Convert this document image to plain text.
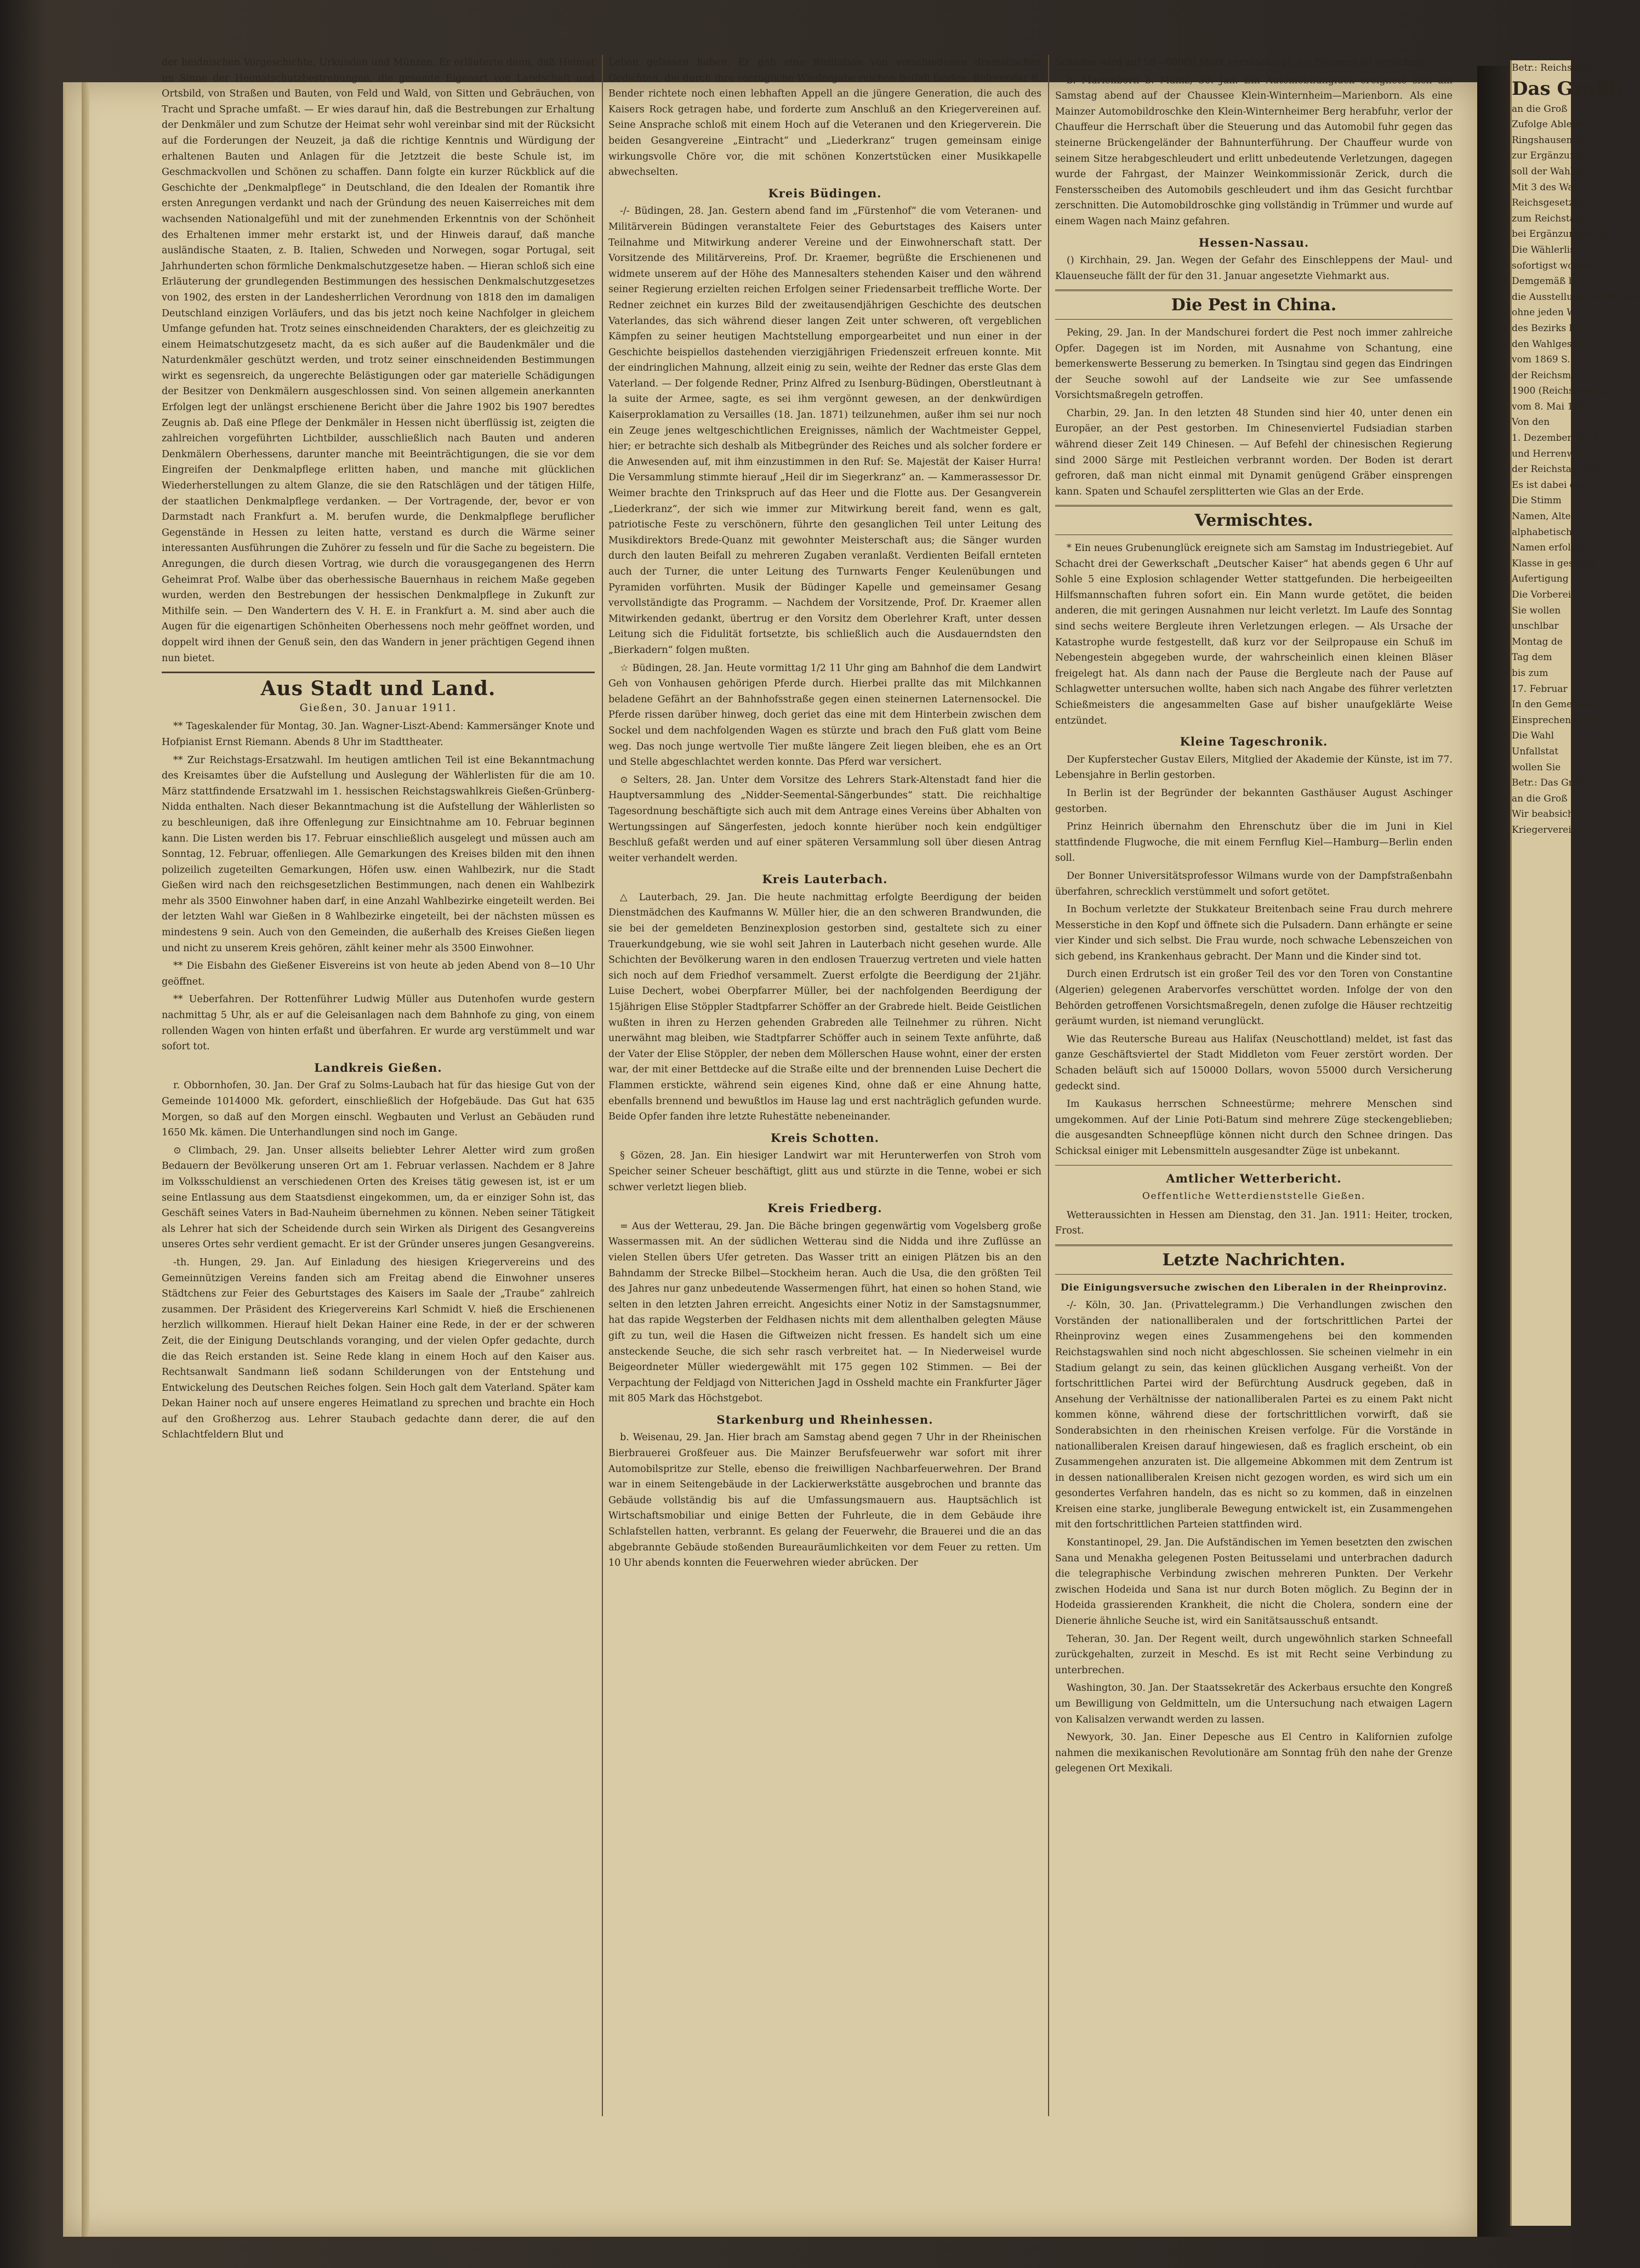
der heidnischen Vorgeschichte, Urkunden und Münzen. Er erläuterte dann, daß Heimat im Sinne der Heimatschutzbestrebungen, die gesamte Eigenart von Landschaft und Ortsbild, von Straßen und Bauten, von Feld und Wald, von Sitten und Gebräuchen, von Tracht und Sprache umfaßt. — Er wies darauf hin, daß die Bestrebungen zur Erhaltung der Denkmäler und zum Schutze der Heimat sehr wohl vereinbar sind mit der Rücksicht auf die Forderungen der Neuzeit, ja daß die richtige Kenntnis und Würdigung der erhaltenen Bauten und Anlagen für die Jetztzeit die beste Schule ist, im Geschmackvollen und Schönen zu schaffen. Dann folgte ein kurzer Rückblick auf die Geschichte der „Denkmalpflege“ in Deutschland, die den Idealen der Romantik ihre ersten Anregungen verdankt und nach der Gründung des neuen Kaiserreiches mit dem wachsenden Nationalgefühl und mit der zunehmenden Erkenntnis von der Schönheit des Erhaltenen immer mehr erstarkt ist, und der Hinweis darauf, daß manche ausländische Staaten, z. B. Italien, Schweden und Norwegen, sogar Portugal, seit Jahrhunderten schon förmliche Denkmalschutzgesetze haben. — Hieran schloß sich eine Erläuterung der grundlegenden Bestimmungen des hessischen Denkmalschutzgesetzes von 1902, des ersten in der Landesherrlichen Verordnung von 1818 den im damaligen Deutschland einzigen Vorläufers, und das bis jetzt noch keine Nachfolger in gleichem Umfange gefunden hat. Trotz seines einschneidenden Charakters, der es gleichzeitig zu einem Heimatschutzgesetz macht, da es sich außer auf die Baudenkmäler und die Naturdenkmäler geschützt werden, und trotz seiner einschneidenden Bestimmungen wirkt es segensreich, da ungerechte Belästigungen oder gar materielle Schädigungen der Besitzer von Denkmälern ausgeschlossen sind. Von seinen allgemein anerkannten Erfolgen legt der unlängst erschienene Bericht über die Jahre 1902 bis 1907 beredtes Zeugnis ab. Daß eine Pflege der Denkmäler in Hessen nicht überflüssig ist, zeigten die zahlreichen vorgeführten Lichtbilder, ausschließlich nach Bauten und anderen Denkmälern Oberhessens, darunter manche mit Beeinträchtigungen, die sie vor dem Eingreifen der Denkmalpflege erlitten haben, und manche mit glücklichen Wiederherstellungen zu altem Glanze, die sie den Ratschlägen und der tätigen Hilfe, der staatlichen Denkmalpflege verdanken. — Der Vortragende, der, bevor er von Darmstadt nach Frankfurt a. M. berufen wurde, die Denkmalpflege beruflicher Gegenstände in Hessen zu leiten hatte, verstand es durch die Wärme seiner interessanten Ausführungen die Zuhörer zu fesseln und für die Sache zu begeistern. Die Anregungen, die durch diesen Vortrag, wie durch die vorausgegangenen des Herrn Geheimrat Prof. Walbe über das oberhessische Bauernhaus in reichem Maße gegeben wurden, werden den Bestrebungen der hessischen Denkmalpflege in Zukunft zur Mithilfe sein. — Den Wandertern des V. H. E. in Frankfurt a. M. sind aber auch die Augen für die eigenartigen Schönheiten Oberhessens noch mehr geöffnet worden, und doppelt wird ihnen der Genuß sein, den das Wandern in jener prächtigen Gegend ihnen nun bietet.

Aus Stadt und Land.
Gießen, 30. Januar 1911.

** Tageskalender für Montag, 30. Jan. Wagner-Liszt-Abend: Kammersänger Knote und Hofpianist Ernst Riemann. Abends 8 Uhr im Stadttheater.

** Zur Reichstags-Ersatzwahl. Im heutigen amtlichen Teil ist eine Bekanntmachung des Kreisamtes über die Aufstellung und Auslegung der Wählerlisten für die am 10. März stattfindende Ersatzwahl im 1. hessischen Reichstagswahlkreis Gießen-Grünberg-Nidda enthalten. Nach dieser Bekanntmachung ist die Aufstellung der Wählerlisten so zu beschleunigen, daß ihre Offenlegung zur Einsichtnahme am 10. Februar beginnen kann. Die Listen werden bis 17. Februar einschließlich ausgelegt und müssen auch am Sonntag, 12. Februar, offenliegen. Alle Gemarkungen des Kreises bilden mit den ihnen polizeilich zugeteilten Gemarkungen, Höfen usw. einen Wahlbezirk, nur die Stadt Gießen wird nach den reichsgesetzlichen Bestimmungen, nach denen ein Wahlbezirk mehr als 3500 Einwohner haben darf, in eine Anzahl Wahlbezirke eingeteilt werden. Bei der letzten Wahl war Gießen in 8 Wahlbezirke eingeteilt, bei der nächsten müssen es mindestens 9 sein. Auch von den Gemeinden, die außerhalb des Kreises Gießen liegen und nicht zu unserem Kreis gehören, zählt keiner mehr als 3500 Einwohner.

** Die Eisbahn des Gießener Eisvereins ist von heute ab jeden Abend von 8—10 Uhr geöffnet.

** Ueberfahren. Der Rottenführer Ludwig Müller aus Dutenhofen wurde gestern nachmittag 5 Uhr, als er auf die Geleisanlagen nach dem Bahnhofe zu ging, von einem rollenden Wagen von hinten erfaßt und überfahren. Er wurde arg verstümmelt und war sofort tot.

Landkreis Gießen.

r. Obbornhofen, 30. Jan. Der Graf zu Solms-Laubach hat für das hiesige Gut von der Gemeinde 1014000 Mk. gefordert, einschließlich der Hofgebäude. Das Gut hat 635 Morgen, so daß auf den Morgen einschl. Wegbauten und Verlust an Gebäuden rund 1650 Mk. kämen. Die Unterhandlungen sind noch im Gange.

⊙ Climbach, 29. Jan. Unser allseits beliebter Lehrer Aletter wird zum großen Bedauern der Bevölkerung unseren Ort am 1. Februar verlassen. Nachdem er 8 Jahre im Volksschuldienst an verschiedenen Orten des Kreises tätig gewesen ist, ist er um seine Entlassung aus dem Staatsdienst eingekommen, um, da er einziger Sohn ist, das Geschäft seines Vaters in Bad-Nauheim übernehmen zu können. Neben seiner Tätigkeit als Lehrer hat sich der Scheidende durch sein Wirken als Dirigent des Gesangvereins unseres Ortes sehr verdient gemacht. Er ist der Gründer unseres jungen Gesangvereins.

-th. Hungen, 29. Jan. Auf Einladung des hiesigen Kriegervereins und des Gemeinnützigen Vereins fanden sich am Freitag abend die Einwohner unseres Städtchens zur Feier des Geburtstages des Kaisers im Saale der „Traube“ zahlreich zusammen. Der Präsident des Kriegervereins Karl Schmidt V. hieß die Erschienenen herzlich willkommen. Hierauf hielt Dekan Hainer eine Rede, in der er der schweren Zeit, die der Einigung Deutschlands voranging, und der vielen Opfer gedachte, durch die das Reich erstanden ist. Seine Rede klang in einem Hoch auf den Kaiser aus. Rechtsanwalt Sandmann ließ sodann Schilderungen von der Entstehung und Entwickelung des Deutschen Reiches folgen. Sein Hoch galt dem Vaterland. Später kam Dekan Hainer noch auf unsere engeres Heimatland zu sprechen und brachte ein Hoch auf den Großherzog aus. Lehrer Staubach gedachte dann derer, die auf den Schlachtfeldern Blut und

Leben gelassen haben. Er gab eine Rezitation von verschiedenen dramatischen Gedichten, die durch ihre vorzügliche Wiedergabe reichen Beifall fanden. Referendar R. Bender richtete noch einen lebhaften Appell an die jüngere Generation, die auch des Kaisers Rock getragen habe, und forderte zum Anschluß an den Kriegervereinen auf. Seine Ansprache schloß mit einem Hoch auf die Veteranen und den Kriegerverein. Die beiden Gesangvereine „Eintracht“ und „Liederkranz“ trugen gemeinsam einige wirkungsvolle Chöre vor, die mit schönen Konzertstücken einer Musikkapelle abwechselten.

Kreis Büdingen.

-/- Büdingen, 28. Jan. Gestern abend fand im „Fürstenhof“ die vom Veteranen- und Militärverein Büdingen veranstaltete Feier des Geburtstages des Kaisers unter Teilnahme und Mitwirkung anderer Vereine und der Einwohnerschaft statt. Der Vorsitzende des Militärvereins, Prof. Dr. Kraemer, begrüßte die Erschienenen und widmete unserem auf der Höhe des Mannesalters stehenden Kaiser und den während seiner Regierung erzielten reichen Erfolgen seiner Friedensarbeit treffliche Worte. Der Redner zeichnet ein kurzes Bild der zweitausendjährigen Geschichte des deutschen Vaterlandes, das sich während dieser langen Zeit unter schweren, oft vergeblichen Kämpfen zu seiner heutigen Machtstellung emporgearbeitet und nun einer in der Geschichte beispiellos dastehenden vierzigjährigen Friedenszeit erfreuen konnte. Mit der eindringlichen Mahnung, allzeit einig zu sein, weihte der Redner das erste Glas dem Vaterland. — Der folgende Redner, Prinz Alfred zu Isenburg-Büdingen, Oberstleutnant à la suite der Armee, sagte, es sei ihm vergönnt gewesen, an der denkwürdigen Kaiserproklamation zu Versailles (18. Jan. 1871) teilzunehmen, außer ihm sei nur noch ein Zeuge jenes weltgeschichtlichen Ereignisses, nämlich der Wachtmeister Geppel, hier; er betrachte sich deshalb als Mitbegründer des Reiches und als solcher fordere er die Anwesenden auf, mit ihm einzustimmen in den Ruf: Se. Majestät der Kaiser Hurra! Die Versammlung stimmte hierauf „Heil dir im Siegerkranz“ an. — Kammerassessor Dr. Weimer brachte den Trinkspruch auf das Heer und die Flotte aus. Der Gesangverein „Liederkranz“, der sich wie immer zur Mitwirkung bereit fand, wenn es galt, patriotische Feste zu verschönern, führte den gesanglichen Teil unter Leitung des Musikdirektors Brede-Quanz mit gewohnter Meisterschaft aus; die Sänger wurden durch den lauten Beifall zu mehreren Zugaben veranlaßt. Verdienten Beifall ernteten auch der Turner, die unter Leitung des Turnwarts Fenger Keulenübungen und Pyramiden vorführten. Musik der Büdinger Kapelle und gemeinsamer Gesang vervollständigte das Programm. — Nachdem der Vorsitzende, Prof. Dr. Kraemer allen Mitwirkenden gedankt, übertrug er den Vorsitz dem Oberlehrer Kraft, unter dessen Leitung sich die Fidulität fortsetzte, bis schließlich auch die Ausdauerndsten den „Bierkadern“ folgen mußten.

☆ Büdingen, 28. Jan. Heute vormittag 1/2 11 Uhr ging am Bahnhof die dem Landwirt Geh von Vonhausen gehörigen Pferde durch. Hierbei prallte das mit Milchkannen beladene Gefährt an der Bahnhofsstraße gegen einen steinernen Laternensockel. Die Pferde rissen darüber hinweg, doch geriet das eine mit dem Hinterbein zwischen dem Sockel und dem nachfolgenden Wagen es stürzte und brach den Fuß glatt vom Beine weg. Das noch junge wertvolle Tier mußte längere Zeit liegen bleiben, ehe es an Ort und Stelle abgeschlachtet werden konnte. Das Pferd war versichert.

⊙ Selters, 28. Jan. Unter dem Vorsitze des Lehrers Stark-Altenstadt fand hier die Hauptversammlung des „Nidder-Seemental-Sängerbundes“ statt. Die reichhaltige Tagesordnung beschäftigte sich auch mit dem Antrage eines Vereins über Abhalten von Wertungssingen auf Sängerfesten, jedoch konnte hierüber noch kein endgültiger Beschluß gefaßt werden und auf einer späteren Versammlung soll über diesen Antrag weiter verhandelt werden.

Kreis Lauterbach.

△ Lauterbach, 29. Jan. Die heute nachmittag erfolgte Beerdigung der beiden Dienstmädchen des Kaufmanns W. Müller hier, die an den schweren Brandwunden, die sie bei der gemeldeten Benzinexplosion gestorben sind, gestaltete sich zu einer Trauerkundgebung, wie sie wohl seit Jahren in Lauterbach nicht gesehen wurde. Alle Schichten der Bevölkerung waren in den endlosen Trauerzug vertreten und viele hatten sich noch auf dem Friedhof versammelt. Zuerst erfolgte die Beerdigung der 21jähr. Luise Dechert, wobei Oberpfarrer Müller, bei der nachfolgenden Beerdigung der 15jährigen Elise Stöppler Stadtpfarrer Schöffer an der Grabrede hielt. Beide Geistlichen wußten in ihren zu Herzen gehenden Grabreden alle Teilnehmer zu rühren. Nicht unerwähnt mag bleiben, wie Stadtpfarrer Schöffer auch in seinem Texte anführte, daß der Vater der Elise Stöppler, der neben dem Möllerschen Hause wohnt, einer der ersten war, der mit einer Bettdecke auf die Straße eilte und der brennenden Luise Dechert die Flammen erstickte, während sein eigenes Kind, ohne daß er eine Ahnung hatte, ebenfalls brennend und bewußtlos im Hause lag und erst nachträglich gefunden wurde. Beide Opfer fanden ihre letzte Ruhestätte nebeneinander.

Kreis Schotten.

§ Gözen, 28. Jan. Ein hiesiger Landwirt war mit Herunterwerfen von Stroh vom Speicher seiner Scheuer beschäftigt, glitt aus und stürzte in die Tenne, wobei er sich schwer verletzt liegen blieb.

Kreis Friedberg.

= Aus der Wetterau, 29. Jan. Die Bäche bringen gegenwärtig vom Vogelsberg große Wassermassen mit. An der südlichen Wetterau sind die Nidda und ihre Zuflüsse an vielen Stellen übers Ufer getreten. Das Wasser tritt an einigen Plätzen bis an den Bahndamm der Strecke Bilbel—Stockheim heran. Auch die Usa, die den größten Teil des Jahres nur ganz unbedeutende Wassermengen führt, hat einen so hohen Stand, wie selten in den letzten Jahren erreicht. Angesichts einer Notiz in der Samstagsnummer, hat das rapide Wegsterben der Feldhasen nichts mit dem allenthalben gelegten Mäuse gift zu tun, weil die Hasen die Giftweizen nicht fressen. Es handelt sich um eine ansteckende Seuche, die sich sehr rasch verbreitet hat. — In Niederweisel wurde Beigeordneter Müller wiedergewählt mit 175 gegen 102 Stimmen. — Bei der Verpachtung der Feldjagd von Nitterichen Jagd in Ossheld machte ein Frankfurter Jäger mit 805 Mark das Höchstgebot.

Starkenburg und Rheinhessen.

b. Weisenau, 29. Jan. Hier brach am Samstag abend gegen 7 Uhr in der Rheinischen Bierbrauerei Großfeuer aus. Die Mainzer Berufsfeuerwehr war sofort mit ihrer Automobilspritze zur Stelle, ebenso die freiwilligen Nachbarfeuerwehren. Der Brand war in einem Seitengebäude in der Lackierwerkstätte ausgebrochen und brannte das Gebäude vollständig bis auf die Umfassungsmauern aus. Hauptsächlich ist Wirtschaftsmobiliar und einige Betten der Fuhrleute, die in dem Gebäude ihre Schlafstellen hatten, verbrannt. Es gelang der Feuerwehr, die Brauerei und die an das abgebrannte Gebäude stoßenden Bureauräumlichkeiten vor dem Feuer zu retten. Um 10 Uhr abends konnten die Feuerwehren wieder abrücken. Der

Schaden wird auf 50—60000 Mark veranschlagt, die Brauerei ist versichert.

b. Marienborn b. Mainz, 30. Jan. Ein Automobilunglück ereignete sich am Samstag abend auf der Chaussee Klein-Winternheim—Marienborn. Als eine Mainzer Automobildroschke den Klein-Winternheimer Berg herabfuhr, verlor der Chauffeur die Herrschaft über die Steuerung und das Automobil fuhr gegen das steinerne Brückengeländer der Bahnunterführung. Der Chauffeur wurde von seinem Sitze herabgeschleudert und erlitt unbedeutende Verletzungen, dagegen wurde der Fahrgast, der Mainzer Weinkommissionär Zerick, durch die Fenstersscheiben des Automobils geschleudert und ihm das Gesicht furchtbar zerschnitten. Die Automobildroschke ging vollständig in Trümmer und wurde auf einem Wagen nach Mainz gefahren.

Hessen-Nassau.

() Kirchhain, 29. Jan. Wegen der Gefahr des Einschleppens der Maul- und Klauenseuche fällt der für den 31. Januar angesetzte Viehmarkt aus.

Die Pest in China.

Peking, 29. Jan. In der Mandschurei fordert die Pest noch immer zahlreiche Opfer. Dagegen ist im Norden, mit Ausnahme von Schantung, eine bemerkenswerte Besserung zu bemerken. In Tsingtau sind gegen das Eindringen der Seuche sowohl auf der Landseite wie zur See umfassende Vorsichtsmaßregeln getroffen.

Charbin, 29. Jan. In den letzten 48 Stunden sind hier 40, unter denen ein Europäer, an der Pest gestorben. Im Chinesenviertel Fudsiadian starben während dieser Zeit 149 Chinesen. — Auf Befehl der chinesischen Regierung sind 2000 Särge mit Pestleichen verbrannt worden. Der Boden ist derart gefroren, daß man nicht einmal mit Dynamit genügend Gräber einsprengen kann. Spaten und Schaufel zersplitterten wie Glas an der Erde.

Vermischtes.

* Ein neues Grubenunglück ereignete sich am Samstag im Industriegebiet. Auf Schacht drei der Gewerkschaft „Deutscher Kaiser“ hat abends gegen 6 Uhr auf Sohle 5 eine Explosion schlagender Wetter stattgefunden. Die herbeigeeilten Hilfsmannschaften fuhren sofort ein. Ein Mann wurde getötet, die beiden anderen, die mit geringen Ausnahmen nur leicht verletzt. Im Laufe des Sonntag sind sechs weitere Bergleute ihren Verletzungen erlegen. — Als Ursache der Katastrophe wurde festgestellt, daß kurz vor der Seilpropause ein Schuß im Nebengestein abgegeben wurde, der wahrscheinlich einen kleinen Bläser freigelegt hat. Als dann nach der Pause die Bergleute nach der Pause auf Schlagwetter untersuchen wollte, haben sich nach Angabe des führer verletzten Schießmeisters die angesammelten Gase auf bisher unaufgeklärte Weise entzündet.

Kleine Tageschronik.

Der Kupferstecher Gustav Eilers, Mitglied der Akademie der Künste, ist im 77. Lebensjahre in Berlin gestorben.

In Berlin ist der Begründer der bekannten Gasthäuser August Aschinger gestorben.

Prinz Heinrich übernahm den Ehrenschutz über die im Juni in Kiel stattfindende Flugwoche, die mit einem Fernflug Kiel—Hamburg—Berlin enden soll.

Der Bonner Universitätsprofessor Wilmans wurde von der Dampfstraßenbahn überfahren, schrecklich verstümmelt und sofort getötet.

In Bochum verletzte der Stukkateur Breitenbach seine Frau durch mehrere Messerstiche in den Kopf und öffnete sich die Pulsadern. Dann erhängte er seine vier Kinder und sich selbst. Die Frau wurde, noch schwache Lebenszeichen von sich gebend, ins Krankenhaus gebracht. Der Mann und die Kinder sind tot.

Durch einen Erdrutsch ist ein großer Teil des vor den Toren von Constantine (Algerien) gelegenen Arabervorfes verschüttet worden. Infolge der von den Behörden getroffenen Vorsichtsmaßregeln, denen zufolge die Häuser rechtzeitig geräumt wurden, ist niemand verunglückt.

Wie das Reutersche Bureau aus Halifax (Neuschottland) meldet, ist fast das ganze Geschäftsviertel der Stadt Middleton vom Feuer zerstört worden. Der Schaden beläuft sich auf 150000 Dollars, wovon 55000 durch Versicherung gedeckt sind.

Im Kaukasus herrschen Schneestürme; mehrere Menschen sind umgekommen. Auf der Linie Poti-Batum sind mehrere Züge steckengeblieben; die ausgesandten Schneepflüge können nicht durch den Schnee dringen. Das Schicksal einiger mit Lebensmitteln ausgesandter Züge ist unbekannt.

Amtlicher Wetterbericht.
Oeffentliche Wetterdienststelle Gießen.

Wetteraussichten in Hessen am Dienstag, den 31. Jan. 1911: Heiter, trocken, Frost.

Letzte Nachrichten.
Die Einigungsversuche zwischen den Liberalen in der Rheinprovinz.

-/- Köln, 30. Jan. (Privattelegramm.) Die Verhandlungen zwischen den Vorständen der nationalliberalen und der fortschrittlichen Partei der Rheinprovinz wegen eines Zusammengehens bei den kommenden Reichstagswahlen sind noch nicht abgeschlossen. Sie scheinen vielmehr in ein Stadium gelangt zu sein, das keinen glücklichen Ausgang verheißt. Von der fortschrittlichen Partei wird der Befürchtung Ausdruck gegeben, daß in Ansehung der Verhältnisse der nationalliberalen Partei es zu einem Pakt nicht kommen könne, während diese der fortschrittlichen vorwirft, daß sie Sonderabsichten in den rheinischen Kreisen verfolge. Für die Vorstände in nationalliberalen Kreisen darauf hingewiesen, daß es fraglich erscheint, ob ein Zusammengehen anzuraten ist. Die allgemeine Abkommen mit dem Zentrum ist in dessen nationalliberalen Kreisen nicht gezogen worden, es wird sich um ein gesondertes Verfahren handeln, das es nicht so zu kommen, daß in einzelnen Kreisen eine starke, jungliberale Bewegung entwickelt ist, ein Zusammengehen mit den fortschrittlichen Parteien stattfinden wird.

Konstantinopel, 29. Jan. Die Aufständischen im Yemen besetzten den zwischen Sana und Menakha gelegenen Posten Beitusselami und unterbrachen dadurch die telegraphische Verbindung zwischen mehreren Punkten. Der Verkehr zwischen Hodeida und Sana ist nur durch Boten möglich. Zu Beginn der in Hodeida grassierenden Krankheit, die nicht die Cholera, sondern eine der Dienerie ähnliche Seuche ist, wird ein Sanitätsausschuß entsandt.

Teheran, 30. Jan. Der Regent weilt, durch ungewöhnlich starken Schneefall zurückgehalten, zurzeit in Meschd. Es ist mit Recht seine Verbindung zu unterbrechen.

Washington, 30. Jan. Der Staatssekretär des Ackerbaus ersuchte den Kongreß um Bewilligung von Geldmitteln, um die Untersuchung nach etwaigen Lagern von Kalisalzen verwandt werden zu lassen.

Newyork, 30. Jan. Einer Depesche aus El Centro in Kalifornien zufolge nahmen die mexikanischen Revolutionäre am Sonntag früh den nahe der Grenze gelegenen Ort Mexikali.

Betr.: Reichstags
Das Großh
an die Groß
Zufolge Ablebe
Ringshausen ist
zur Ergänzung
soll der Wahlkreis
Mit 3 des Wah
Reichsgesetzbl. S. 2
zum Reichstage
bei Ergänzungswahl
Die Wählerlis
sofortigst worden.
Demgemäß be
die Ausstellung der Wähler
ohne jeden W
des Bezirks be
den Wahlgesetz
vom 1869 S. 145
der Reichsmilitär
1900 (Reichsgesetzbl
vom 8. Mai 187
Von den
1. Dezember 1919
und Herrenwohl
der Reichstagswahl
Es ist dabei eine p
Die Stimm
Namen, Alter,
alphabetisch
Namen erfolgen
Klasse in gesonde
Aufertigung
Die Vorberei
Sie wollen
unschlbar
Montag de
Tag dem
bis zum
17. Februar
In den Gemeinde
Einsprechen geführt
Die Wahl
Unfallstat
wollen Sie
Betr.: Das Großh
an die Groß
Wir beabsicht
Kriegervereine
